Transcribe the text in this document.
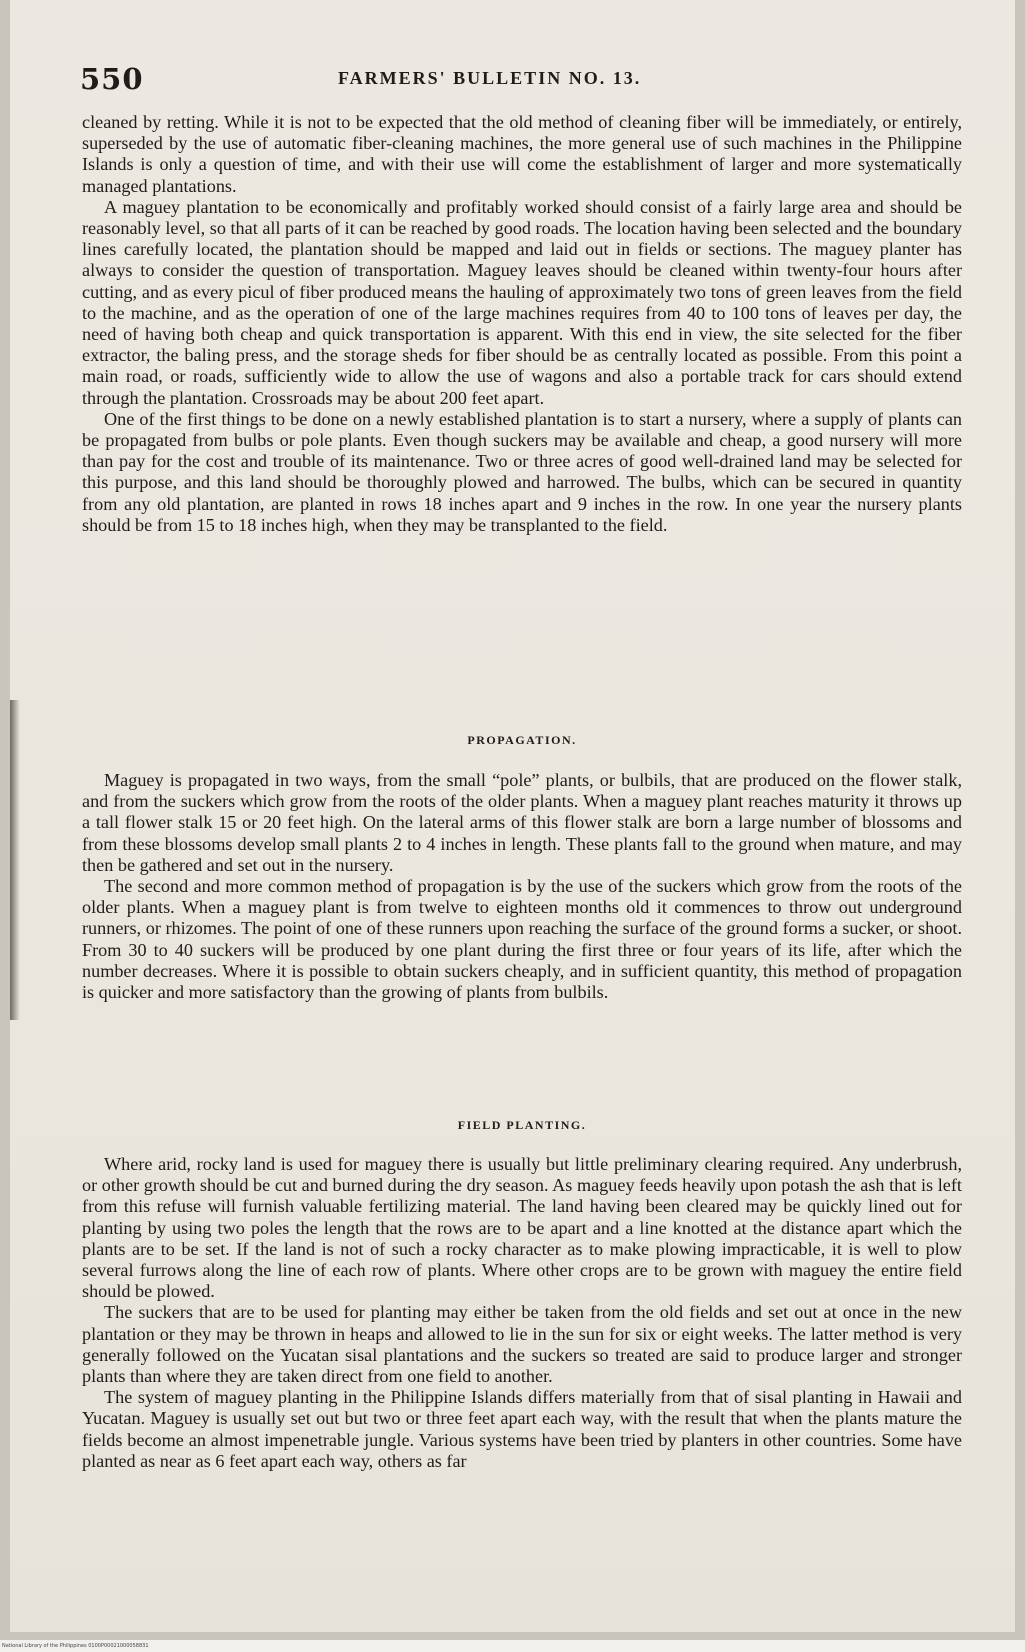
550	FARMERS' BULLETIN NO. 13.

cleaned by retting. While it is not to be expected that the old method of cleaning fiber will be immediately, or entirely, superseded by the use of automatic fiber-cleaning machines, the more general use of such machines in the Philippine Islands is only a question of time, and with their use will come the establishment of larger and more systematically managed plantations.

A maguey plantation to be economically and profitably worked should consist of a fairly large area and should be reasonably level, so that all parts of it can be reached by good roads. The location having been selected and the boundary lines carefully located, the plantation should be mapped and laid out in fields or sections. The maguey planter has always to consider the question of transportation. Maguey leaves should be cleaned within twenty-four hours after cutting, and as every picul of fiber produced means the hauling of approximately two tons of green leaves from the field to the machine, and as the operation of one of the large machines requires from 40 to 100 tons of leaves per day, the need of having both cheap and quick transportation is apparent. With this end in view, the site selected for the fiber extractor, the baling press, and the storage sheds for fiber should be as centrally located as possible. From this point a main road, or roads, sufficiently wide to allow the use of wagons and also a portable track for cars should extend through the plantation. Crossroads may be about 200 feet apart.

One of the first things to be done on a newly established plantation is to start a nursery, where a supply of plants can be propagated from bulbs or pole plants. Even though suckers may be available and cheap, a good nursery will more than pay for the cost and trouble of its maintenance. Two or three acres of good well-drained land may be selected for this purpose, and this land should be thoroughly plowed and harrowed. The bulbs, which can be secured in quantity from any old plantation, are planted in rows 18 inches apart and 9 inches in the row. In one year the nursery plants should be from 15 to 18 inches high, when they may be transplanted to the field.

PROPAGATION.

Maguey is propagated in two ways, from the small “pole” plants, or bulbils, that are produced on the flower stalk, and from the suckers which grow from the roots of the older plants. When a maguey plant reaches maturity it throws up a tall flower stalk 15 or 20 feet high. On the lateral arms of this flower stalk are born a large number of blossoms and from these blossoms develop small plants 2 to 4 inches in length. These plants fall to the ground when mature, and may then be gathered and set out in the nursery.

The second and more common method of propagation is by the use of the suckers which grow from the roots of the older plants. When a maguey plant is from twelve to eighteen months old it commences to throw out underground runners, or rhizomes. The point of one of these runners upon reaching the surface of the ground forms a sucker, or shoot. From 30 to 40 suckers will be produced by one plant during the first three or four years of its life, after which the number decreases. Where it is possible to obtain suckers cheaply, and in sufficient quantity, this method of propagation is quicker and more satisfactory than the growing of plants from bulbils.

FIELD PLANTING.

Where arid, rocky land is used for maguey there is usually but little preliminary clearing required. Any underbrush, or other growth should be cut and burned during the dry season. As maguey feeds heavily upon potash the ash that is left from this refuse will furnish valuable fertilizing material. The land having been cleared may be quickly lined out for planting by using two poles the length that the rows are to be apart and a line knotted at the distance apart which the plants are to be set. If the land is not of such a rocky character as to make plowing impracticable, it is well to plow several furrows along the line of each row of plants. Where other crops are to be grown with maguey the entire field should be plowed.

The suckers that are to be used for planting may either be taken from the old fields and set out at once in the new plantation or they may be thrown in heaps and allowed to lie in the sun for six or eight weeks. The latter method is very generally followed on the Yucatan sisal plantations and the suckers so treated are said to produce larger and stronger plants than where they are taken direct from one field to another.

The system of maguey planting in the Philippine Islands differs materially from that of sisal planting in Hawaii and Yucatan. Maguey is usually set out but two or three feet apart each way, with the result that when the plants mature the fields become an almost impenetrable jungle. Various systems have been tried by planters in other countries. Some have planted as near as 6 feet apart each way, others as far

National Library of the Philippines 0100P00021000058831
